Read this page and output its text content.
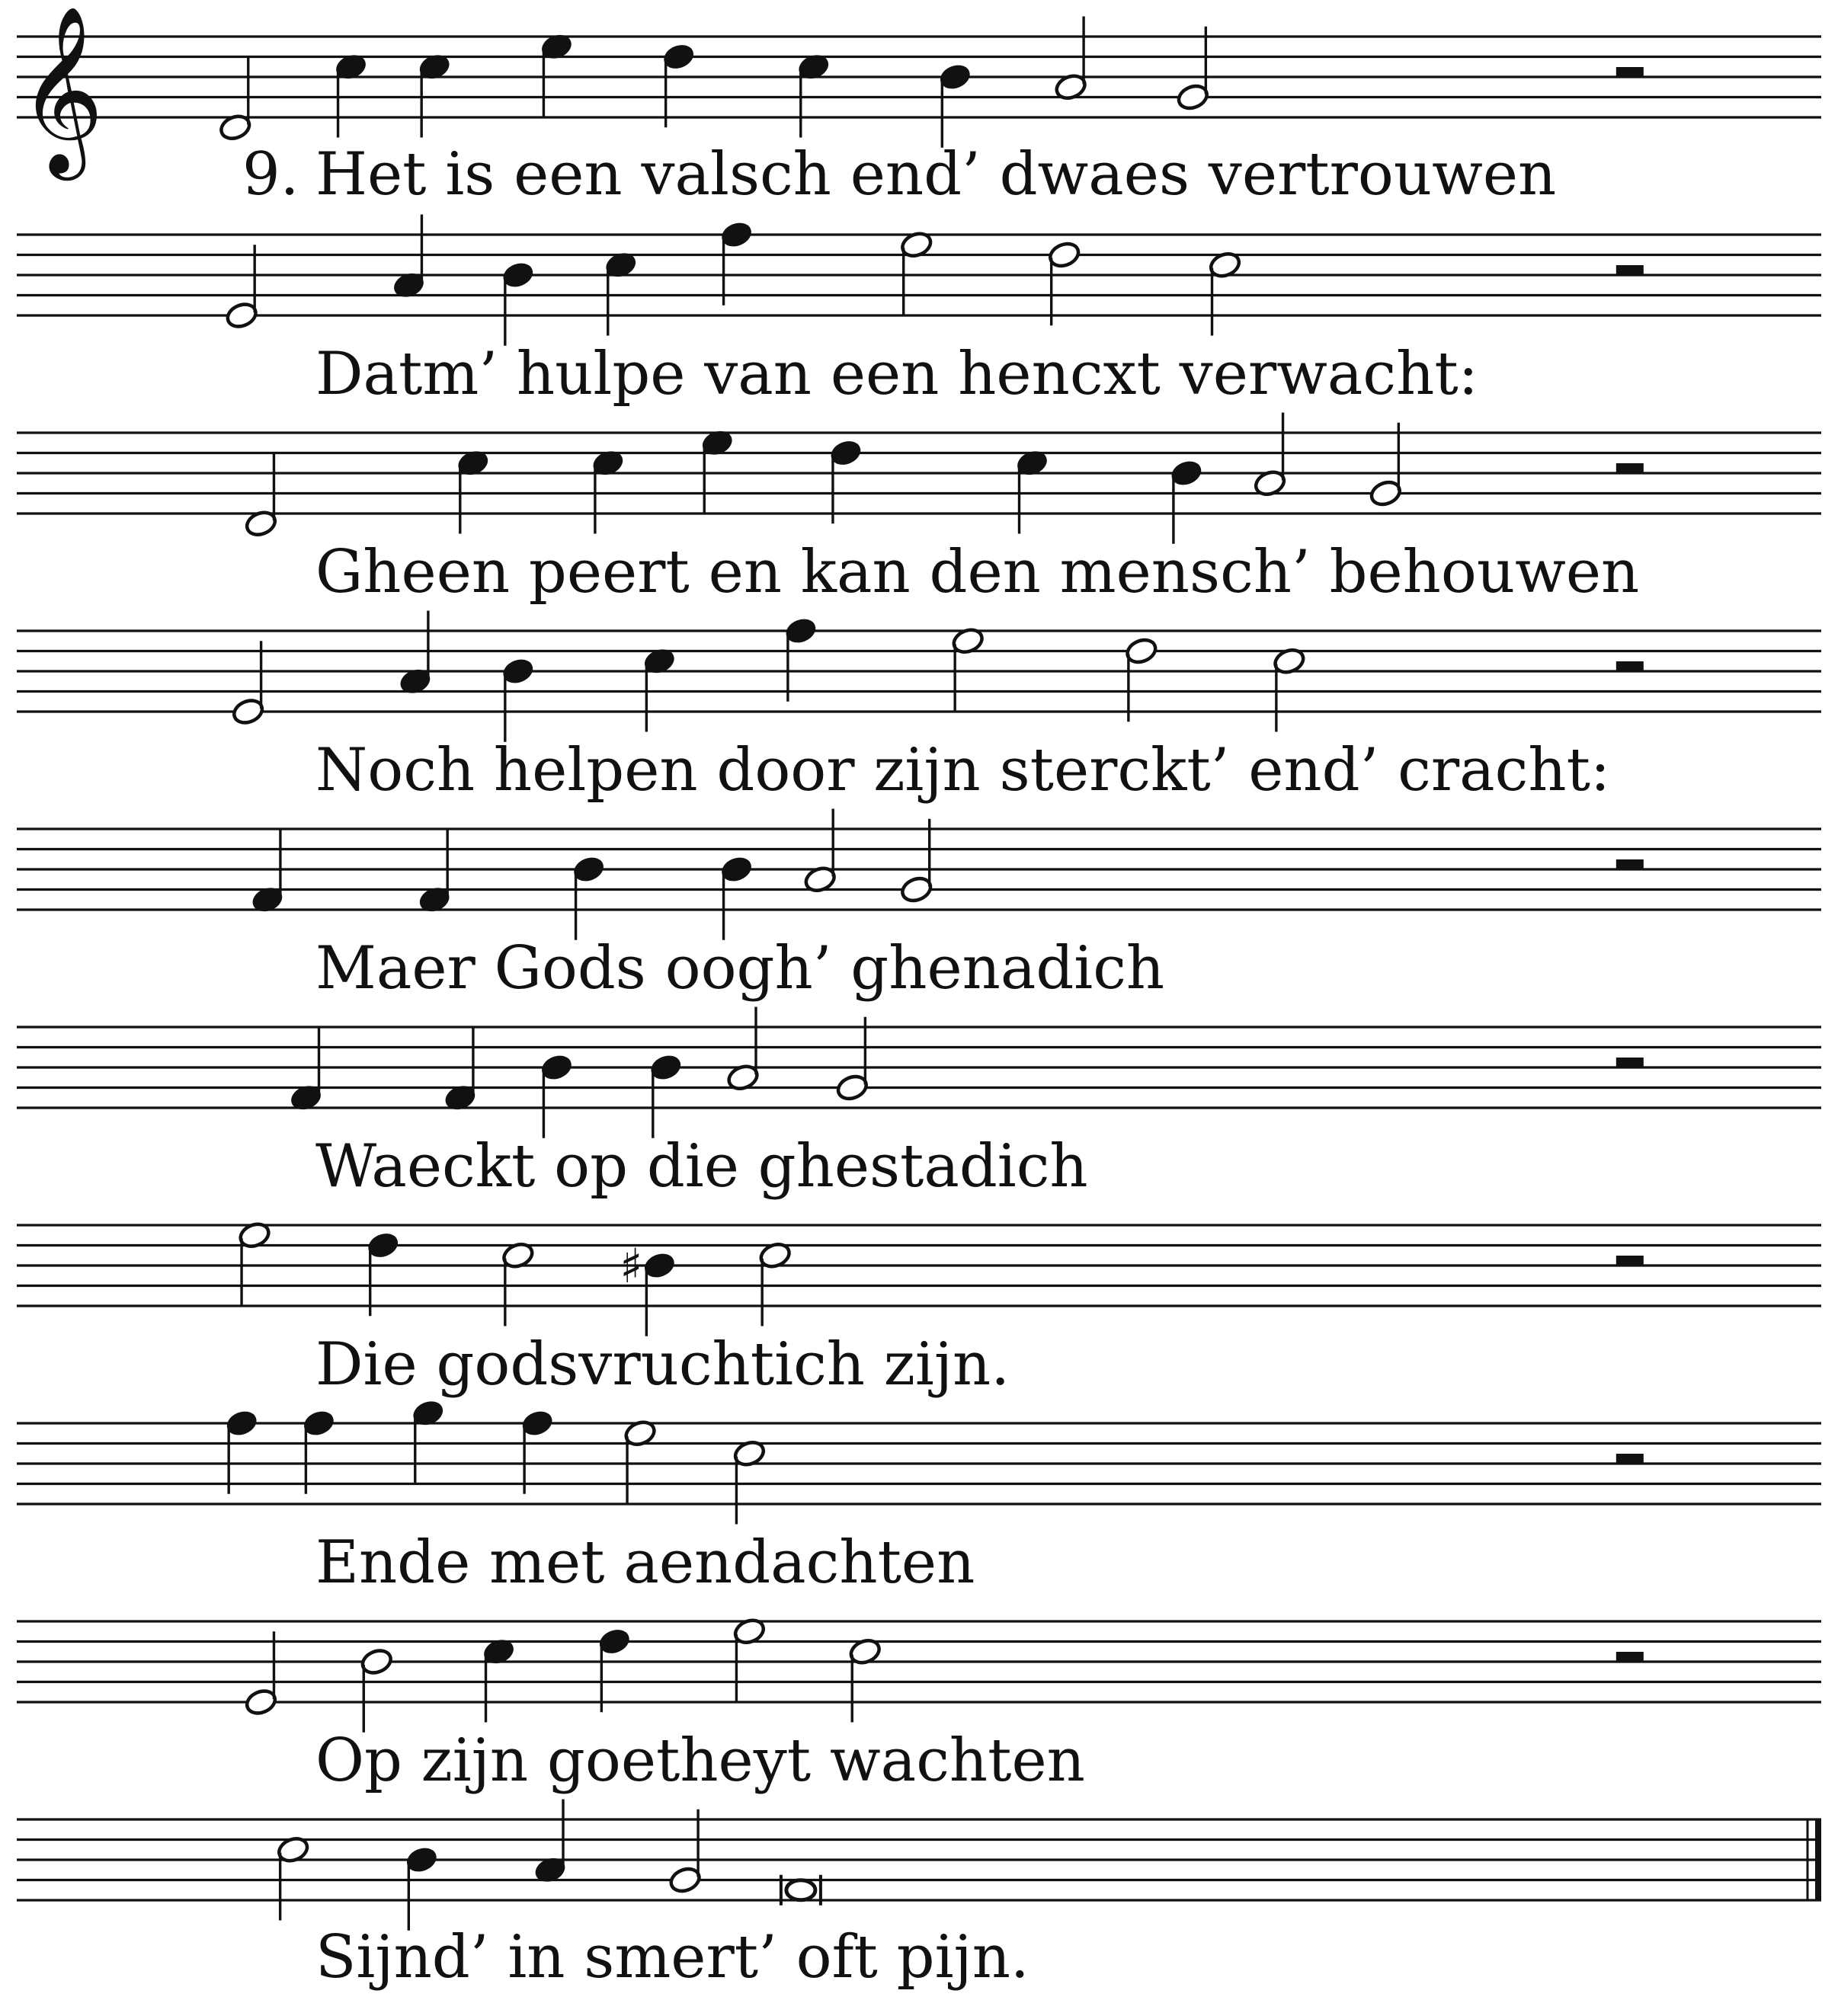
𝄞
♯
Het is een valsch end’ dwaes vertrouwen
9.
Datm’ hulpe van een hencxt verwacht:
Gheen peert en kan den mensch’ behouwen
Noch helpen door zijn sterckt’ end’ cracht:
Maer Gods oogh’ ghenadich
Waeckt op die ghestadich
Die godsvruchtich zijn.
Ende met aendachten
Op zijn goetheyt wachten
Sijnd’ in smert’ oft pijn.
